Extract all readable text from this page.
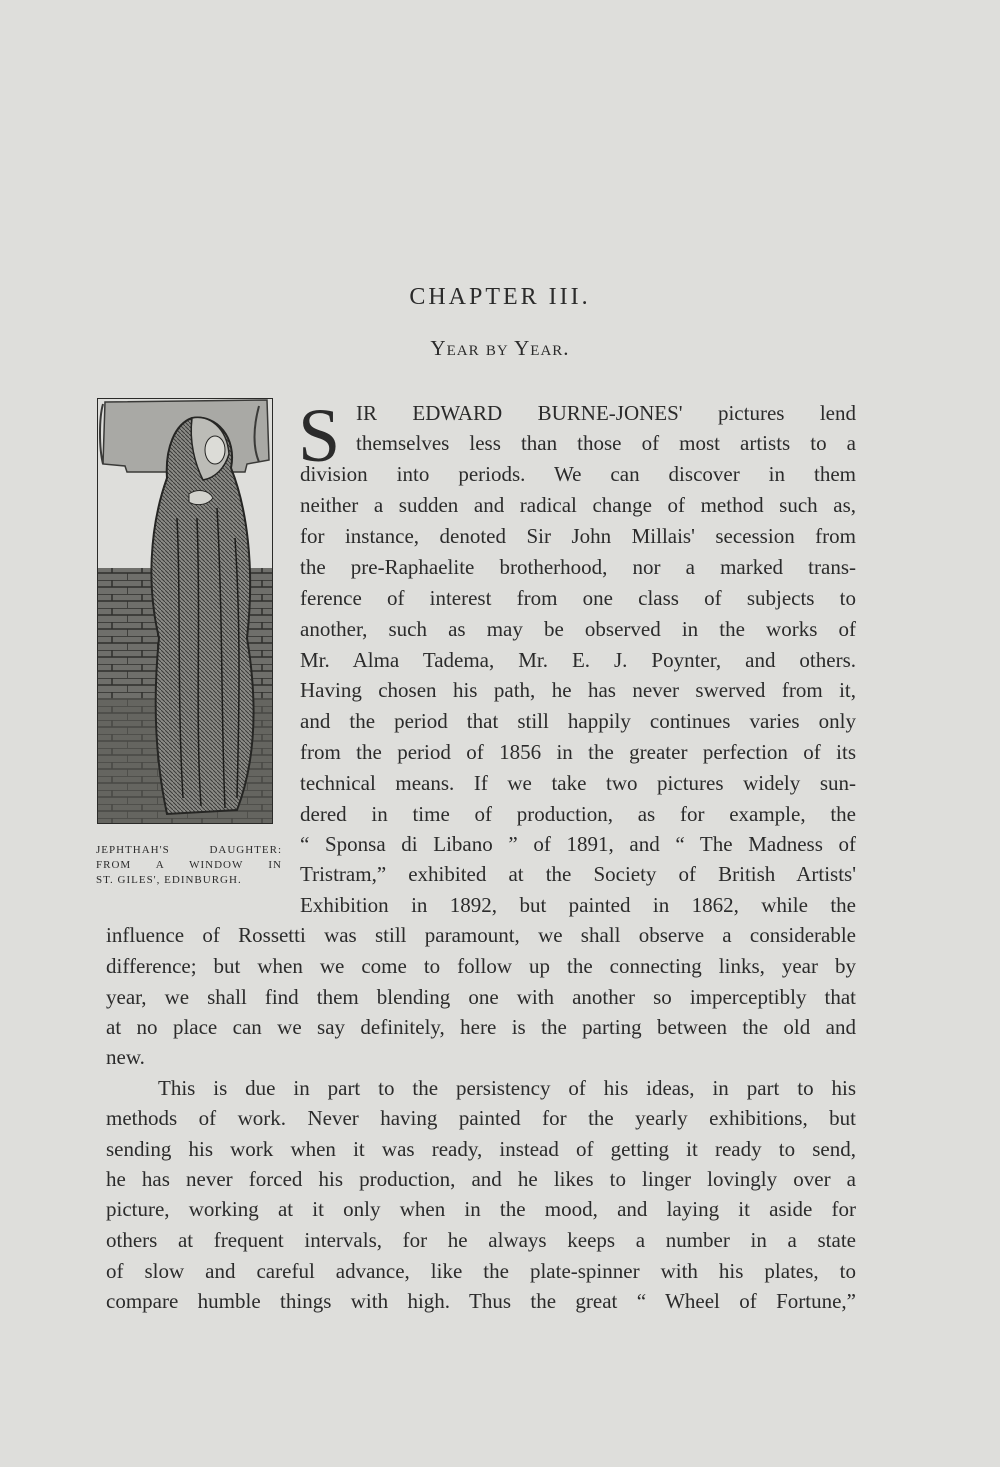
CHAPTER III.
Year by Year.
JEPHTHAH'S DAUGHTER:
FROM A WINDOW IN
ST. GILES', EDINBURGH.
S IR EDWARD BURNE-JONES' pictures lend
themselves less than those of most artists to a
division into periods. We can discover in them
neither a sudden and radical change of method such as,
for instance, denoted Sir John Millais' secession from
the pre-Raphaelite brotherhood, nor a marked trans-
ference of interest from one class of subjects to
another, such as may be observed in the works of
Mr. Alma Tadema, Mr. E. J. Poynter, and others.
Having chosen his path, he has never swerved from it,
and the period that still happily continues varies only
from the period of 1856 in the greater perfection of its
technical means. If we take two pictures widely sun-
dered in time of production, as for example, the
“ Sponsa di Libano ” of 1891, and “ The Madness of
Tristram,” exhibited at the Society of British Artists'
Exhibition in 1892, but painted in 1862, while the
influence of Rossetti was still paramount, we shall observe a considerable
difference; but when we come to follow up the connecting links, year by
year, we shall find them blending one with another so imperceptibly that
at no place can we say definitely, here is the parting between the old and
new.
This is due in part to the persistency of his ideas, in part to his
methods of work. Never having painted for the yearly exhibitions, but
sending his work when it was ready, instead of getting it ready to send,
he has never forced his production, and he likes to linger lovingly over a
picture, working at it only when in the mood, and laying it aside for
others at frequent intervals, for he always keeps a number in a state
of slow and careful advance, like the plate-spinner with his plates, to
compare humble things with high. Thus the great “ Wheel of Fortune,”
